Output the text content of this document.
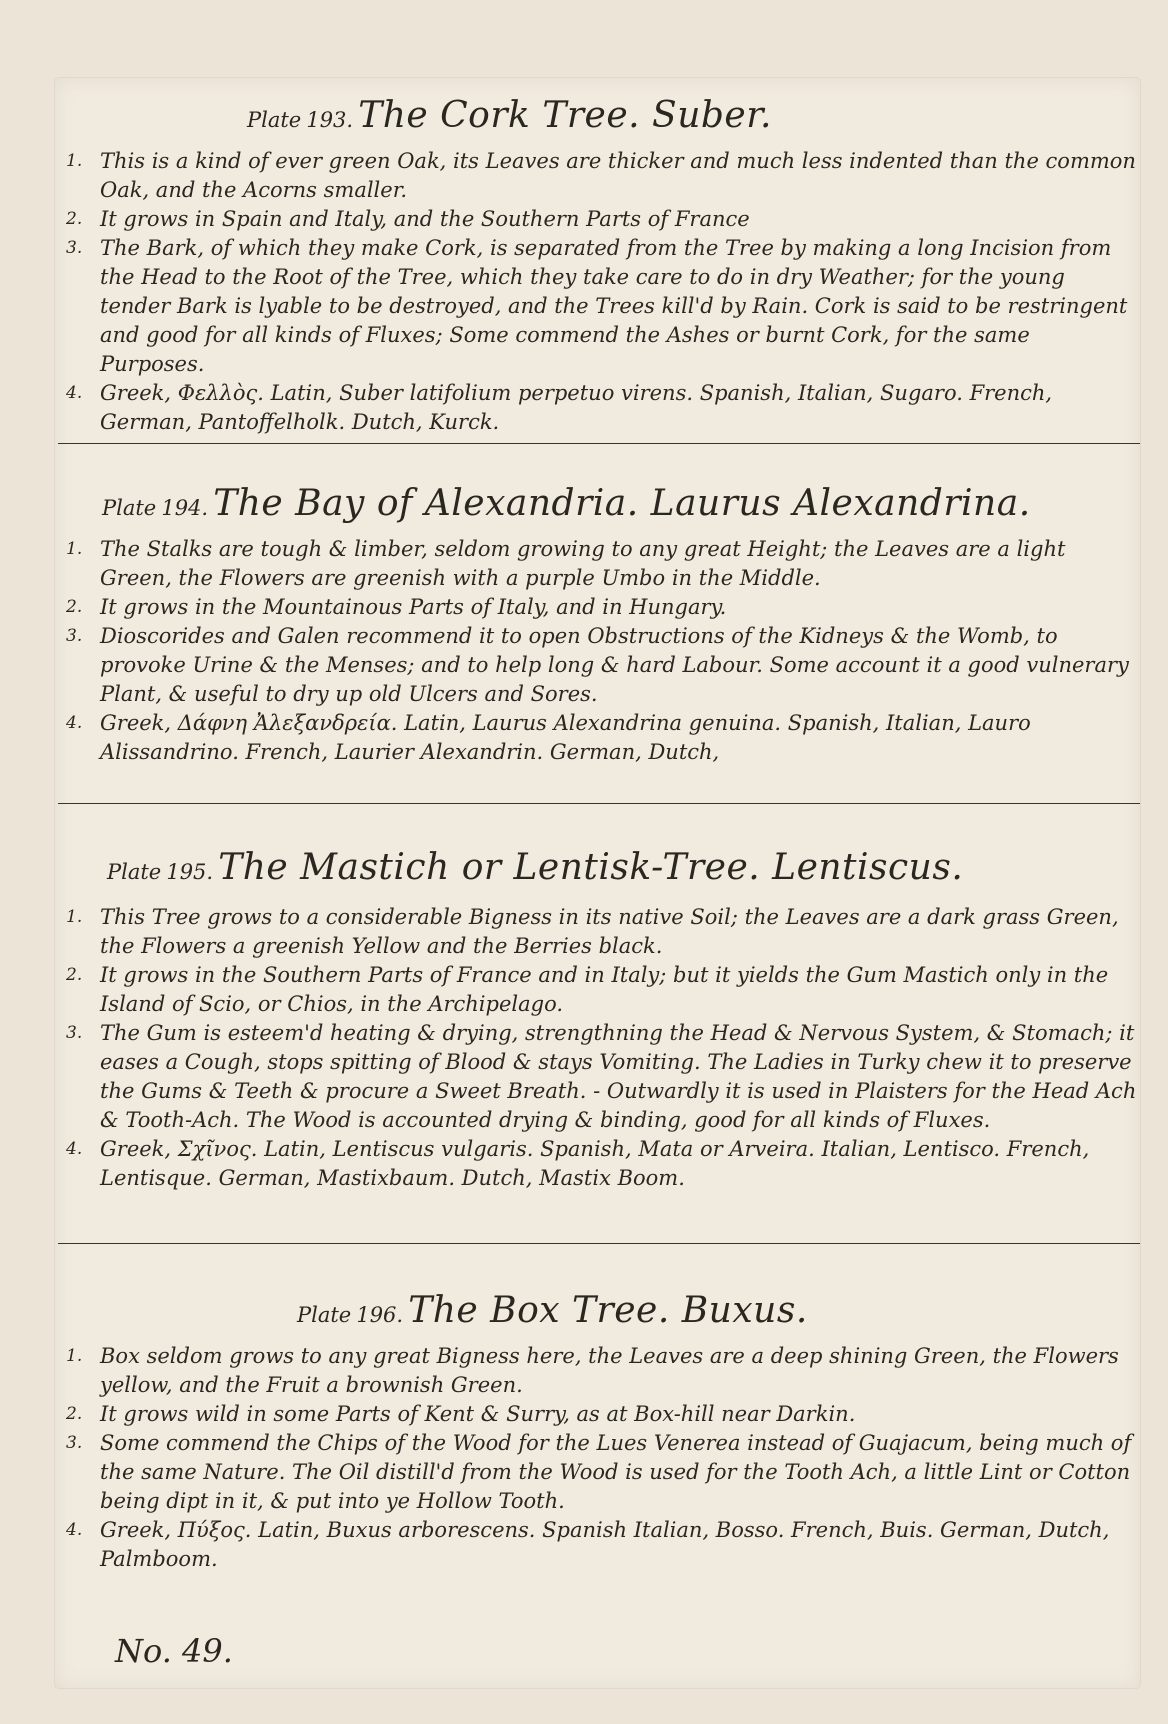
Plate 193. The Cork Tree. Suber.
1. This is a kind of ever green Oak, its Leaves are thicker and much less indented than the common Oak, and the Acorns smaller.
2. It grows in Spain and Italy, and the Southern Parts of France
3. The Bark, of which they make Cork, is separated from the Tree by making a long Incision from the Head to the Root of the Tree, which they take care to do in dry Weather; for the young tender Bark is lyable to be destroyed, and the Trees kill'd by Rain. Cork is said to be restringent and good for all kinds of Fluxes; Some commend the Ashes or burnt Cork, for the same Purposes.
4. Greek, Φελλὸς. Latin, Suber latifolium perpetuo virens. Spanish, Italian, Sugaro. French, German, Pantoffelholk. Dutch, Kurck.
Plate 194. The Bay of Alexandria. Laurus Alexandrina.
1. The Stalks are tough & limber, seldom growing to any great Height; the Leaves are a light Green, the Flowers are greenish with a purple Umbo in the Middle.
2. It grows in the Mountainous Parts of Italy, and in Hungary.
3. Dioscorides and Galen recommend it to open Obstructions of the Kidneys & the Womb, to provoke Urine & the Menses; and to help long & hard Labour. Some account it a good vulnerary Plant, & useful to dry up old Ulcers and Sores.
4. Greek, Δάφνη Ἀλεξανδρεία. Latin, Laurus Alexandrina genuina. Spanish, Italian, Lauro Alissandrino. French, Laurier Alexandrin. German, Dutch,
Plate 195. The Mastich or Lentisk-Tree. Lentiscus.
1. This Tree grows to a considerable Bigness in its native Soil; the Leaves are a dark grass Green, the Flowers a greenish Yellow and the Berries black.
2. It grows in the Southern Parts of France and in Italy; but it yields the Gum Mastich only in the Island of Scio, or Chios, in the Archipelago.
3. The Gum is esteem'd heating & drying, strengthning the Head & Nervous System, & Stomach; it eases a Cough, stops spitting of Blood & stays Vomiting. The Ladies in Turky chew it to preserve the Gums & Teeth & procure a Sweet Breath. - Outwardly it is used in Plaisters for the Head Ach & Tooth-Ach. The Wood is accounted drying & binding, good for all kinds of Fluxes.
4. Greek, Σχῖνος. Latin, Lentiscus vulgaris. Spanish, Mata or Arveira. Italian, Lentisco. French, Lentisque. German, Mastixbaum. Dutch, Mastix Boom.
Plate 196. The Box Tree. Buxus.
1. Box seldom grows to any great Bigness here, the Leaves are a deep shining Green, the Flowers yellow, and the Fruit a brownish Green.
2. It grows wild in some Parts of Kent & Surry, as at Box-hill near Darkin.
3. Some commend the Chips of the Wood for the Lues Venerea instead of Guajacum, being much of the same Nature. The Oil distill'd from the Wood is used for the Tooth Ach, a little Lint or Cotton being dipt in it, & put into ye Hollow Tooth.
4. Greek, Πύξος. Latin, Buxus arborescens. Spanish Italian, Bosso. French, Buis. German, Dutch, Palmboom.
No. 49.
